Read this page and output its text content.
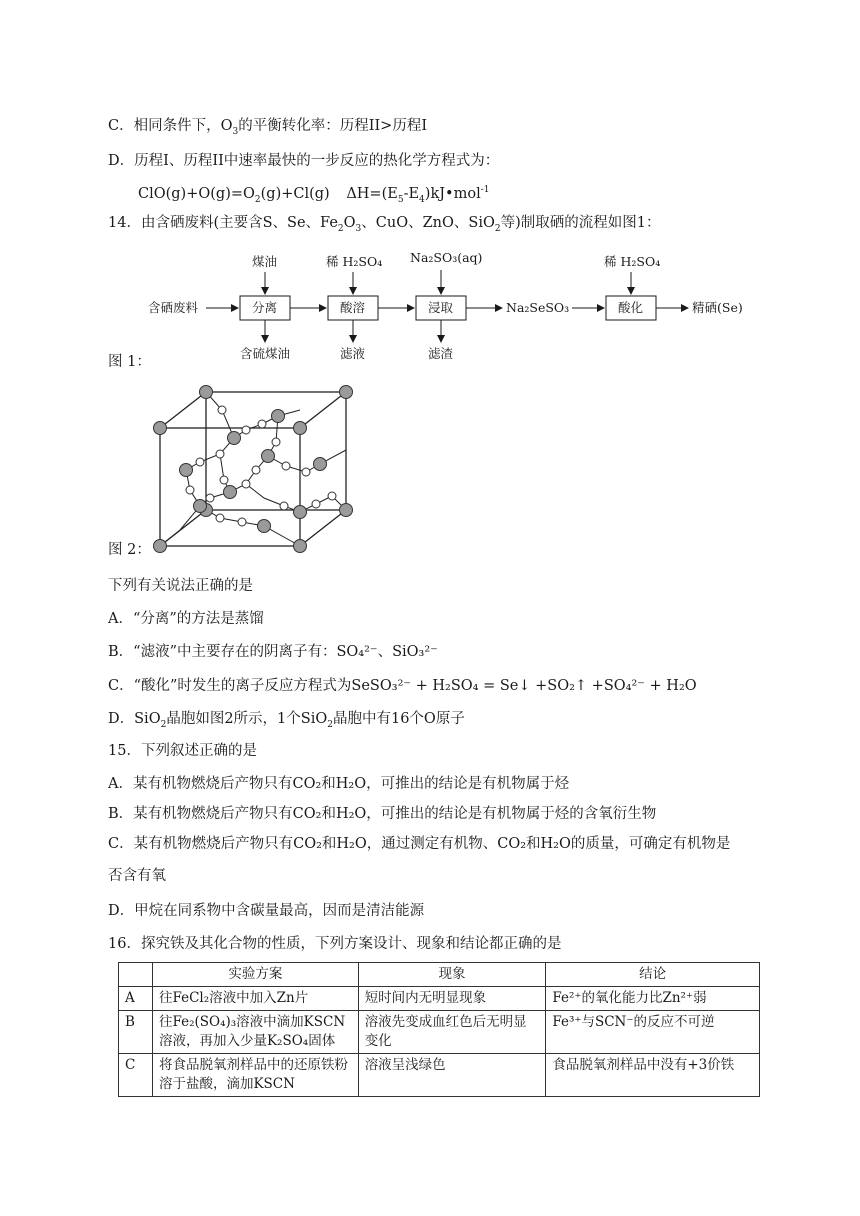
C．相同条件下，$O_3$的平衡转化率：历程II>历程I
D．历程I、历程II中速率最快的一步反应的热化学方程式为：
$ClO(g)+O(g)=O_2(g)+Cl(g)$ $\Delta H=(E_5-E_4)kJ•mol^{-1}$
14．由含硒废料(主要含S、Se、$Fe_2O_3$、CuO、ZnO、SiO$_2$等)制取硒的流程如图1：
含硒废料	分离
煤油
含硫煤油
酸溶
稀 H₂SO₄
滤液
浸取
Na₂SO₃(aq)
滤渣
Na₂SeSO₃	酸化
稀 H₂SO₄
精硒(Se)
图 1：
图 2：
下列有关说法正确的是
A．“分离”的方法是蒸馏
B．“滤液”中主要存在的阴离子有：SO₄²⁻、SiO₃²⁻
C．“酸化”时发生的离子反应方程式为SeSO₃²⁻ + H₂SO₄ = Se↓ +SO₂↑ +SO₄²⁻ + H₂O
D．SiO$_2$晶胞如图2所示，1个SiO$_2$晶胞中有16个O原子
15．下列叙述正确的是
A．某有机物燃烧后产物只有CO₂和H₂O，可推出的结论是有机物属于烃
B．某有机物燃烧后产物只有CO₂和H₂O，可推出的结论是有机物属于烃的含氧衍生物
C．某有机物燃烧后产物只有CO₂和H₂O，通过测定有机物、CO₂和H₂O的质量，可确定有机物是
否含有氧
D．甲烷在同系物中含碳量最高，因而是清洁能源
16．探究铁及其化合物的性质，下列方案设计、现象和结论都正确的是
	实验方案	现象	结论
A	往FeCl₂溶液中加入Zn片	短时间内无明显现象	Fe²⁺的氧化能力比Zn²⁺弱
B	往Fe₂(SO₄)₃溶液中滴加KSCN溶液，再加入少量K₂SO₄固体	溶液先变成血红色后无明显变化	Fe³⁺与SCN⁻的反应不可逆
C	将食品脱氧剂样品中的还原铁粉溶于盐酸，滴加KSCN	溶液呈浅绿色	食品脱氧剂样品中没有+3价铁
